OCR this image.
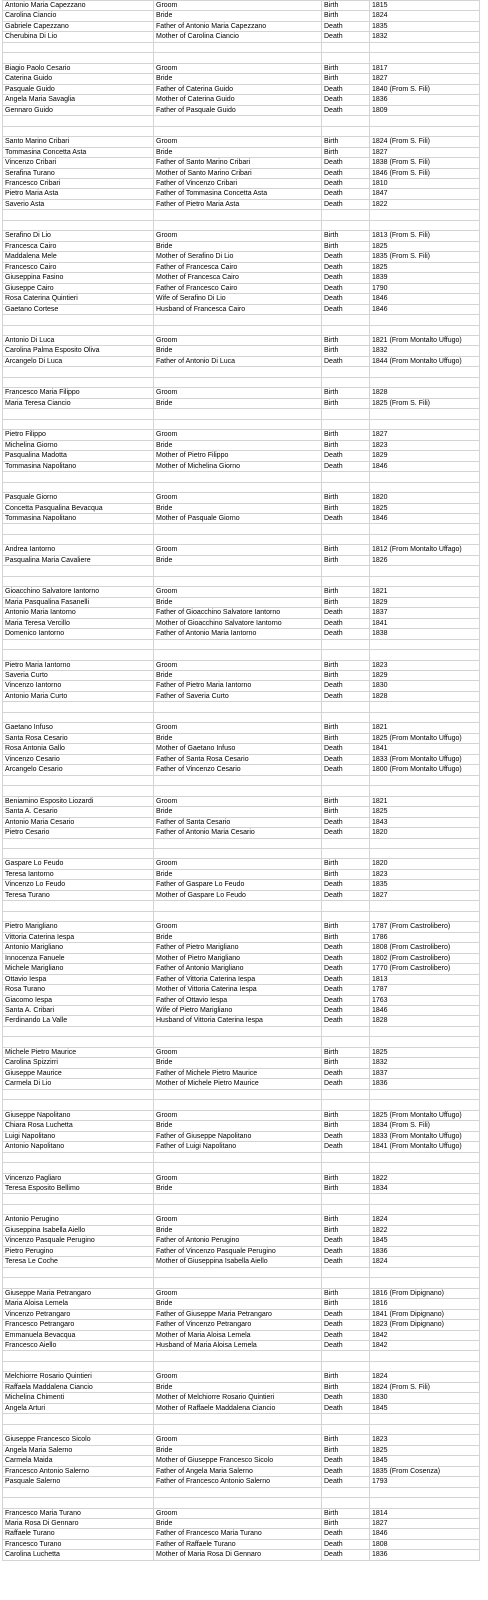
Antonio Maria Capezzano	Groom	Birth	1815
Carolina Ciancio	Bride	Birth	1824
Gabriele Capezzano	Father of Antonio Maria Capezzano	Death	1835
Cherubina Di Lio	Mother of Carolina Ciancio	Death	1832
Biagio Paolo Cesario	Groom	Birth	1817
Caterina Guido	Bride	Birth	1827
Pasquale Guido	Father of Caterina Guido	Death	1840 (From S. Fili)
Angela Maria Savaglia	Mother of Caterina Guido	Death	1836
Gennaro Guido	Father of Pasquale Guido	Death	1809
Santo Marino Cribari	Groom	Birth	1824 (From S. Fili)
Tommasina Concetta Asta	Bride	Birth	1827
Vincenzo Cribari	Father of Santo Marino Cribari	Death	1838 (From S. Fili)
Serafina Turano	Mother of Santo Marino Cribari	Death	1846 (From S. Fili)
Francesco Cribari	Father of Vincenzo Cribari	Death	1810
Pietro Maria Asta	Father of Tommasina Concetta Asta	Death	1847
Saverio Asta	Father of Pietro Maria Asta	Death	1822
Serafino Di Lio	Groom	Birth	1813 (From S. Fili)
Francesca Cairo	Bride	Birth	1825
Maddalena Mele	Mother of Serafino Di Lio	Death	1835 (From S. Fili)
Francesco Cairo	Father of Francesca Cairo	Death	1825
Giuseppina Fasino	Mother of Francesca Cairo	Death	1839
Giuseppe Cairo	Father of Francesco Cairo	Death	1790
Rosa Caterina Quintieri	Wife of Serafino Di Lio	Death	1846
Gaetano Cortese	Husband of Francesca Cairo	Death	1846
Antonio Di Luca	Groom	Birth	1821 (From Montalto Uffugo)
Carolina Palma Esposito Oliva	Bride	Birth	1832
Arcangelo Di Luca	Father of Antonio Di Luca	Death	1844 (From Montalto Uffugo)
Francesco Maria Filippo	Groom	Birth	1828
Maria Teresa Ciancio	Bride	Birth	1825 (From S. Fili)
Pietro Filippo	Groom	Birth	1827
Michelina Giorno	Bride	Birth	1823
Pasqualina Madotta	Mother of Pietro Filippo	Death	1829
Tommasina Napolitano	Mother of Michelina Giorno	Death	1846
Pasquale Giorno	Groom	Birth	1820
Concetta Pasqualina Bevacqua	Bride	Birth	1825
Tommasina Napolitano	Mother of Pasquale Giorno	Death	1846
Andrea Iantorno	Groom	Birth	1812 (From Montalto Uffago)
Pasqualina Maria Cavaliere	Bride	Birth	1826
Gioacchino Salvatore Iantorno	Groom	Birth	1821
Maria Pasqualina Fasanelli	Bride	Birth	1829
Antonio Maria Iantorno	Father of Gioacchino Salvatore Iantorno	Death	1837
Maria Teresa Vercillo	Mother of Gioacchino Salvatore Iantorno	Death	1841
Domenico Iantorno	Father of Antonio Maria Iantorno	Death	1838
Pietro Maria Iantorno	Groom	Birth	1823
Saveria Curto	Bride	Birth	1829
Vincenzo Iantorno	Father of Pietro Maria Iantorno	Death	1830
Antonio Maria Curto	Father of Saveria Curto	Death	1828
Gaetano Infuso	Groom	Birth	1821
Santa Rosa Cesario	Bride	Birth	1825 (From Montalto Uffugo)
Rosa Antonia Gallo	Mother of Gaetano Infuso	Death	1841
Vincenzo Cesario	Father of Santa Rosa Cesario	Death	1833 (From Montalto Uffugo)
Arcangelo Cesario	Father of Vincenzo Cesario	Death	1800 (From Montalto Uffugo)
Beniamino Esposito Liozardi	Groom	Birth	1821
Santa A. Cesario	Bride	Birth	1825
Antonio Maria Cesario	Father of Santa Cesario	Death	1843
Pietro Cesario	Father of Antonio Maria Cesario	Death	1820
Gaspare Lo Feudo	Groom	Birth	1820
Teresa Iantorno	Bride	Birth	1823
Vincenzo Lo Feudo	Father of Gaspare Lo Feudo	Death	1835
Teresa Turano	Mother of Gaspare Lo Feudo	Death	1827
Pietro Marigliano	Groom	Birth	1787 (From Castrolibero)
Vittoria Caterina Iespa	Bride	Birth	1786
Antonio Marigliano	Father of Pietro Marigliano	Death	1808 (From Castrolibero)
Innocenza Fanuele	Mother of Pietro Marigliano	Death	1802 (From Castrolibero)
Michele Marigliano	Father of Antonio Marigliano	Death	1770 (From Castrolibero)
Ottavio Iespa	Father of Vittoria Caterina Iespa	Death	1813
Rosa Turano	Mother of Vittoria Caterina Iespa	Death	1787
Giacomo Iespa	Father of Ottavio Iespa	Death	1763
Santa A. Cribari	Wife of Pietro Marigliano	Death	1846
Ferdinando La Valle	Husband of Vittoria Caterina Iespa	Death	1828
Michele Pietro Maurice	Groom	Birth	1825
Carolina Spizzirri	Bride	Birth	1832
Giuseppe Maurice	Father of Michele Pietro Maurice	Death	1837
Carmela Di Lio	Mother of Michele Pietro Maurice	Death	1836
Giuseppe Napolitano	Groom	Birth	1825 (From Montalto Uffugo)
Chiara Rosa Luchetta	Bride	Birth	1834 (From S. Fili)
Luigi Napolitano	Father of Giuseppe Napolitano	Death	1833 (From Montalto Uffugo)
Antonio Napolitano	Father of Luigi Napolitano	Death	1841 (From Montalto Uffugo)
Vincenzo Pagliaro	Groom	Birth	1822
Teresa Esposito Bellimo	Bride	Birth	1834
Antonio Perugino	Groom	Birth	1824
Giuseppina Isabella Aiello	Bride	Birth	1822
Vincenzo Pasquale Perugino	Father of Antonio Perugino	Death	1845
Pietro Perugino	Father of Vincenzo Pasquale Perugino	Death	1836
Teresa Le Coche	Mother of Giuseppina Isabella Aiello	Death	1824
Giuseppe Maria Petrangaro	Groom	Birth	1816 (From Dipignano)
Maria Aloisa Lemela	Bride	Birth	1816
Vincenzo Petrangaro	Father of Giuseppe Maria Petrangaro	Death	1841 (From Dipignano)
Francesco Petrangaro	Father of Vincenzo Petrangaro	Death	1823 (From Dipignano)
Emmanuela Bevacqua	Mother of Maria Aloisa Lemela	Death	1842
Francesco Aiello	Husband of Maria Aloisa Lemela	Death	1842
Melchiorre Rosario Quintieri	Groom	Birth	1824
Raffaela Maddalena Ciancio	Bride	Birth	1824 (From S. Fili)
Michelina Chimenti	Mother of Melchiorre Rosario Quintieri	Death	1830
Angela Arturi	Mother of Raffaele Maddalena Ciancio	Death	1845
Giuseppe Francesco Sicolo	Groom	Birth	1823
Angela Maria Salerno	Bride	Birth	1825
Carmela Maida	Mother of Giuseppe Francesco Sicolo	Death	1845
Francesco Antonio Salerno	Father of Angela Maria Salerno	Death	1835 (From Cosenza)
Pasquale Salerno	Father of Francesco Antonio Salerno	Death	1793
Francesco Maria Turano	Groom	Birth	1814
Maria Rosa Di Gennaro	Bride	Birth	1827
Raffaele Turano	Father of Francesco Maria Turano	Death	1846
Francesco Turano	Father of Raffaele Turano	Death	1808
Carolina Luchetta	Mother of Maria Rosa Di Gennaro	Death	1836
